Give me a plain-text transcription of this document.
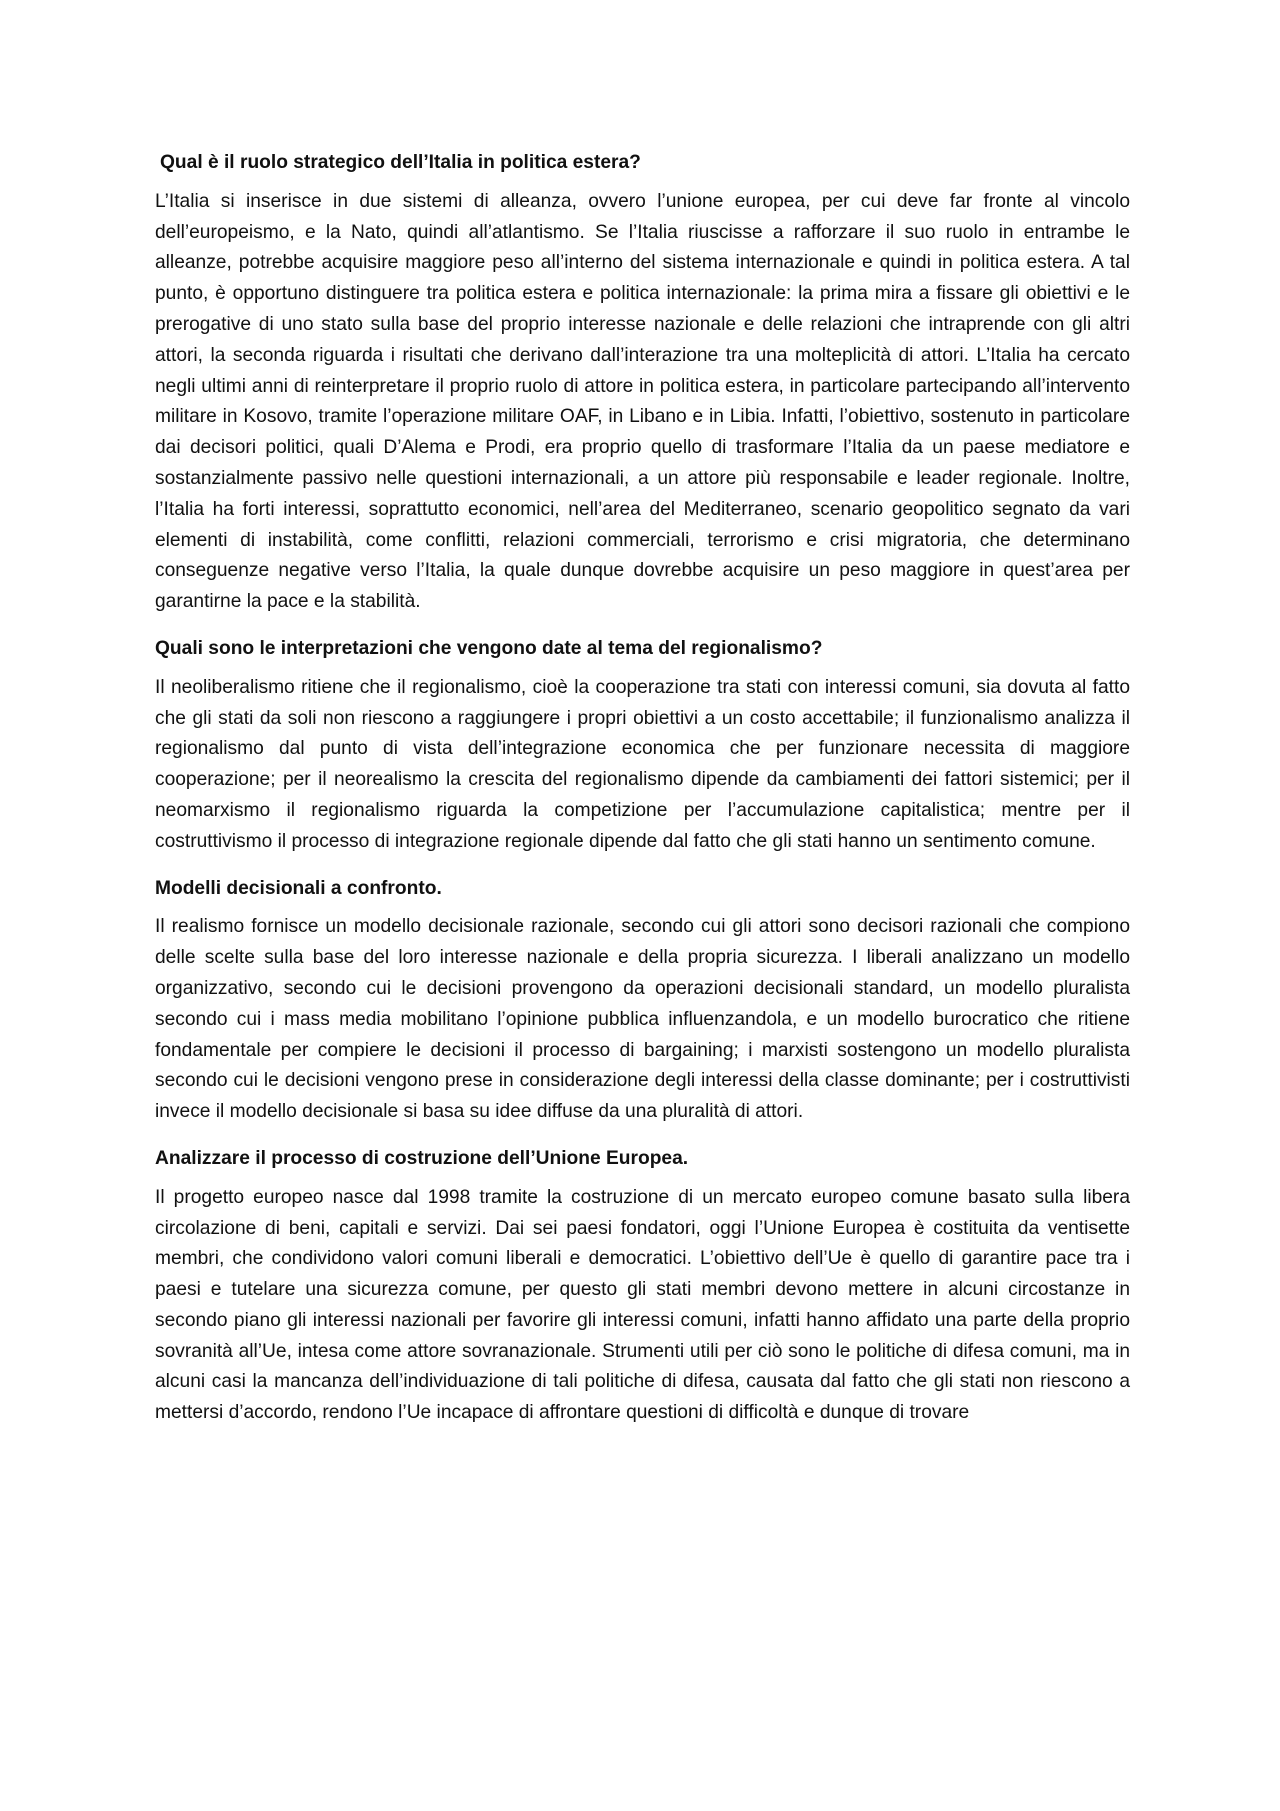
Qual è il ruolo strategico dell’Italia in politica estera?

L’Italia si inserisce in due sistemi di alleanza, ovvero l’unione europea, per cui deve far fronte al vincolo dell’europeismo, e la Nato, quindi all’atlantismo. Se l’Italia riuscisse a rafforzare il suo ruolo in entrambe le alleanze, potrebbe acquisire maggiore peso all’interno del sistema internazionale e quindi in politica estera. A tal punto, è opportuno distinguere tra politica estera e politica internazionale: la prima mira a fissare gli obiettivi e le prerogative di uno stato sulla base del proprio interesse nazionale e delle relazioni che intraprende con gli altri attori, la seconda riguarda i risultati che derivano dall’interazione tra una molteplicità di attori. L’Italia ha cercato negli ultimi anni di reinterpretare il proprio ruolo di attore in politica estera, in particolare partecipando all’intervento militare in Kosovo, tramite l’operazione militare OAF, in Libano e in Libia. Infatti, l’obiettivo, sostenuto in particolare dai decisori politici, quali D’Alema e Prodi, era proprio quello di trasformare l’Italia da un paese mediatore e sostanzialmente passivo nelle questioni internazionali, a un attore più responsabile e leader regionale. Inoltre, l’Italia ha forti interessi, soprattutto economici, nell’area del Mediterraneo, scenario geopolitico segnato da vari elementi di instabilità, come conflitti, relazioni commerciali, terrorismo e crisi migratoria, che determinano conseguenze negative verso l’Italia, la quale dunque dovrebbe acquisire un peso maggiore in quest’area per garantirne la pace e la stabilità.

Quali sono le interpretazioni che vengono date al tema del regionalismo?

Il neoliberalismo ritiene che il regionalismo, cioè la cooperazione tra stati con interessi comuni, sia dovuta al fatto che gli stati da soli non riescono a raggiungere i propri obiettivi a un costo accettabile; il funzionalismo analizza il regionalismo dal punto di vista dell’integrazione economica che per funzionare necessita di maggiore cooperazione; per il neorealismo la crescita del regionalismo dipende da cambiamenti dei fattori sistemici; per il neomarxismo il regionalismo riguarda la competizione per l’accumulazione capitalistica; mentre per il costruttivismo il processo di integrazione regionale dipende dal fatto che gli stati hanno un sentimento comune.

Modelli decisionali a confronto.

Il realismo fornisce un modello decisionale razionale, secondo cui gli attori sono decisori razionali che compiono delle scelte sulla base del loro interesse nazionale e della propria sicurezza. I liberali analizzano un modello organizzativo, secondo cui le decisioni provengono da operazioni decisionali standard, un modello pluralista secondo cui i mass media mobilitano l’opinione pubblica influenzandola, e un modello burocratico che ritiene fondamentale per compiere le decisioni il processo di bargaining; i marxisti sostengono un modello pluralista secondo cui le decisioni vengono prese in considerazione degli interessi della classe dominante; per i costruttivisti invece il modello decisionale si basa su idee diffuse da una pluralità di attori.

Analizzare il processo di costruzione dell’Unione Europea.

Il progetto europeo nasce dal 1998 tramite la costruzione di un mercato europeo comune basato sulla libera circolazione di beni, capitali e servizi. Dai sei paesi fondatori, oggi l’Unione Europea è costituita da ventisette membri, che condividono valori comuni liberali e democratici. L’obiettivo dell’Ue è quello di garantire pace tra i paesi e tutelare una sicurezza comune, per questo gli stati membri devono mettere in alcuni circostanze in secondo piano gli interessi nazionali per favorire gli interessi comuni, infatti hanno affidato una parte della proprio sovranità all’Ue, intesa come attore sovranazionale. Strumenti utili per ciò sono le politiche di difesa comuni, ma in alcuni casi la mancanza dell’individuazione di tali politiche di difesa, causata dal fatto che gli stati non riescono a mettersi d’accordo, rendono l’Ue incapace di affrontare questioni di difficoltà e dunque di trovare
